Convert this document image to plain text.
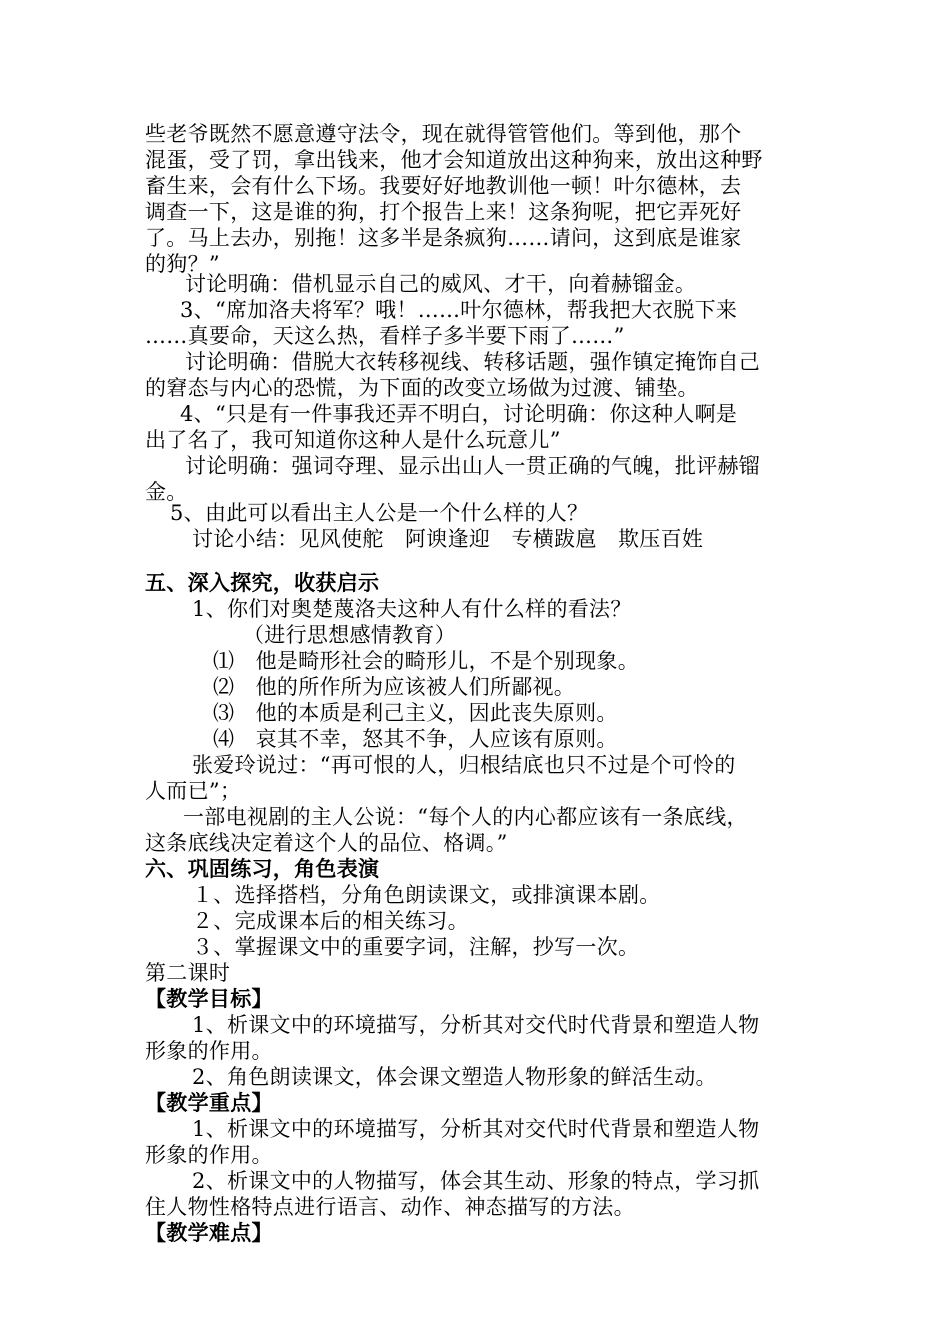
些老爷既然不愿意遵守法令，现在就得管管他们。等到他，那个
混蛋，受了罚，拿出钱来，他才会知道放出这种狗来，放出这种野
畜生来，会有什么下场。我要好好地教训他一顿！叶尔德林，去
调查一下，这是谁的狗，打个报告上来！这条狗呢，把它弄死好
了。马上去办，别拖！这多半是条疯狗……请问，这到底是谁家
的狗？”
讨论明确：借机显示自己的威风、才干，向着赫镏金。
3、“席加洛夫将军？哦！……叶尔德林，帮我把大衣脱下来
……真要命，天这么热，看样子多半要下雨了……”
讨论明确：借脱大衣转移视线、转移话题，强作镇定掩饰自己
的窘态与内心的恐慌，为下面的改变立场做为过渡、铺垫。
4、“只是有一件事我还弄不明白，讨论明确：你这种人啊是
出了名了，我可知道你这种人是什么玩意儿”
讨论明确：强词夺理、显示出山人一贯正确的气魄，批评赫镏
金。
5、由此可以看出主人公是一个什么样的人？
讨论小结：见风使舵　阿谀逢迎　专横跋扈　欺压百姓
五、深入探究，收获启示
1、你们对奥楚蔑洛夫这种人有什么样的看法？
（进行思想感情教育）
⑴　他是畸形社会的畸形儿，不是个别现象。
⑵　他的所作所为应该被人们所鄙视。
⑶　他的本质是利己主义，因此丧失原则。
⑷　哀其不幸，怒其不争，人应该有原则。
张爱玲说过：“再可恨的人，归根结底也只不过是个可怜的
人而已”；
一部电视剧的主人公说：“每个人的内心都应该有一条底线，
这条底线决定着这个人的品位、格调。”
六、巩固练习，角色表演
１、选择搭档，分角色朗读课文，或排演课本剧。
２、完成课本后的相关练习。
３、掌握课文中的重要字词，注解，抄写一次。
第二课时
【教学目标】
1、析课文中的环境描写，分析其对交代时代背景和塑造人物
形象的作用。
2、角色朗读课文，体会课文塑造人物形象的鲜活生动。
【教学重点】
1、析课文中的环境描写，分析其对交代时代背景和塑造人物
形象的作用。
2、析课文中的人物描写，体会其生动、形象的特点，学习抓
住人物性格特点进行语言、动作、神态描写的方法。
【教学难点】
